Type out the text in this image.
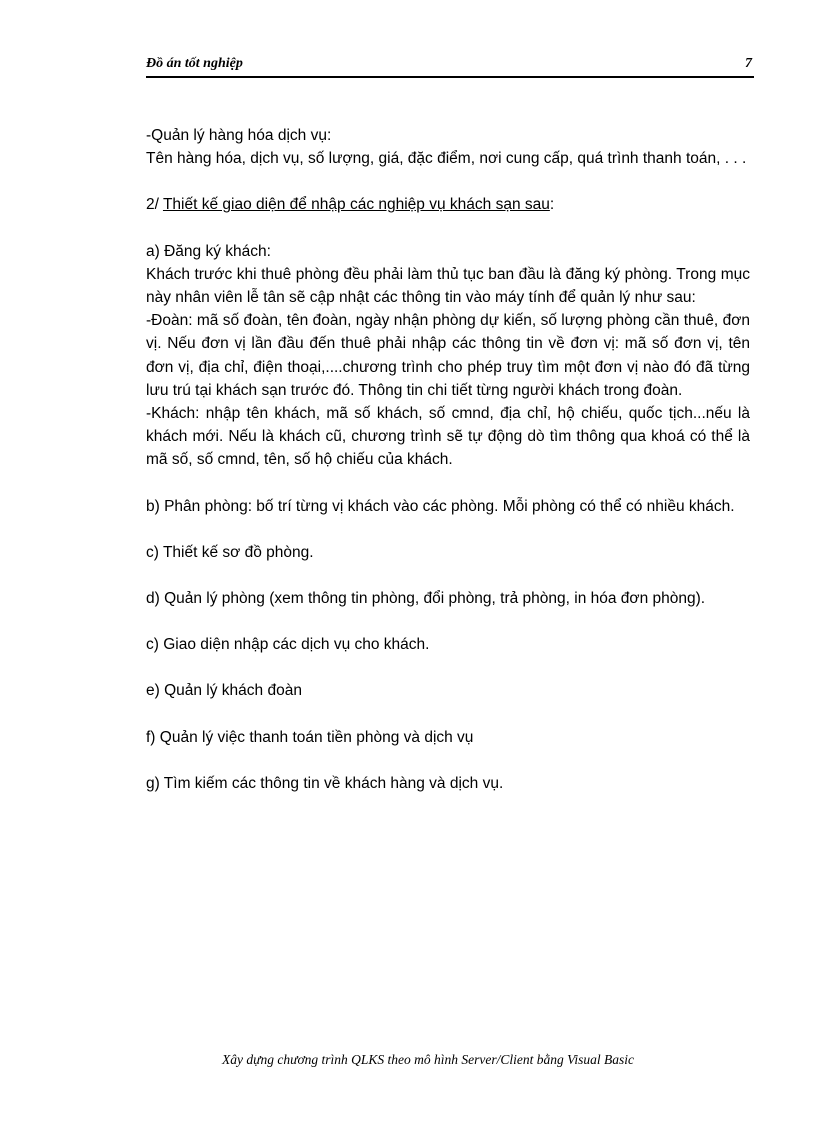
Đồ án tốt nghiệp	7

-Quản lý hàng hóa dịch vụ:

Tên hàng hóa, dịch vụ, số lượng, giá, đặc điểm, nơi cung cấp, quá trình thanh toán, . . .

2/ Thiết kế giao diện để nhập các nghiệp vụ khách sạn sau:

a) Đăng ký khách:

Khách trước khi thuê phòng đều phải làm thủ tục ban đầu là đăng ký phòng. Trong mục này nhân viên lễ tân sẽ cập nhật các thông tin vào máy tính để quản lý như sau:

-Đoàn: mã số đoàn, tên đoàn, ngày nhận phòng dự kiến, số lượng phòng cần thuê, đơn vị. Nếu đơn vị lần đầu đến thuê phải nhập các thông tin về đơn vị: mã số đơn vị, tên đơn vị, địa chỉ, điện thoại,....chương trình cho phép truy tìm một đơn vị nào đó đã từng lưu trú tại khách sạn trước đó. Thông tin chi tiết từng người khách trong đoàn.

-Khách: nhập tên khách, mã số khách, số cmnd, địa chỉ, hộ chiếu, quốc tịch...nếu là khách mới. Nếu là khách cũ, chương trình sẽ tự động dò tìm thông qua khoá có thể là mã số, số cmnd, tên, số hộ chiếu của khách.

b) Phân phòng: bố trí từng vị khách vào các phòng. Mỗi phòng có thể có nhiều khách.

c) Thiết kế sơ đồ phòng.

d) Quản lý phòng (xem thông tin phòng, đổi phòng, trả phòng, in hóa đơn phòng).

c) Giao diện nhập các dịch vụ cho khách.

e) Quản lý khách đoàn

f) Quản lý việc thanh toán tiền phòng và dịch vụ

g) Tìm kiếm các thông tin về khách hàng và dịch vụ.

Xây dựng chương trình QLKS theo mô hình Server/Client bằng Visual Basic
